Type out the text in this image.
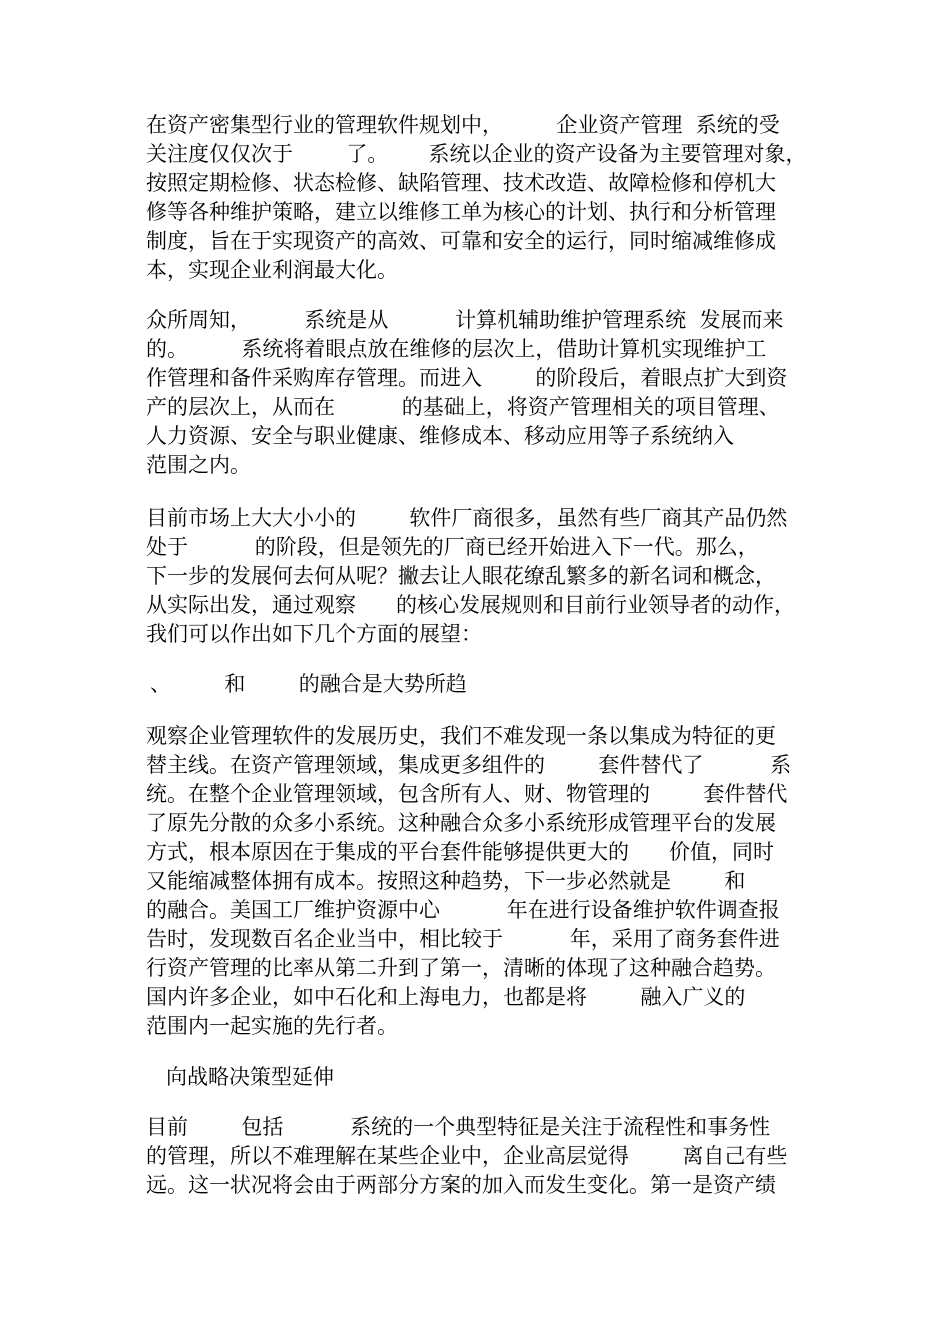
在资产密集型行业的管理软件规划中，        企业资产管理  系统的受
关注度仅仅次于        了。      系统以企业的资产设备为主要管理对象，
按照定期检修、状态检修、缺陷管理、技术改造、故障检修和停机大
修等各种维护策略，建立以维修工单为核心的计划、执行和分析管理
制度，旨在于实现资产的高效、可靠和安全的运行，同时缩减维修成
本，实现企业利润最大化。
众所周知，        系统是从          计算机辅助维护管理系统  发展而来
的。        系统将着眼点放在维修的层次上，借助计算机实现维护工
作管理和备件采购库存管理。而进入        的阶段后，着眼点扩大到资
产的层次上，从而在          的基础上，将资产管理相关的项目管理、
人力资源、安全与职业健康、维修成本、移动应用等子系统纳入
范围之内。
目前市场上大大小小的        软件厂商很多，虽然有些厂商其产品仍然
处于          的阶段，但是领先的厂商已经开始进入下一代。那么，
下一步的发展何去何从呢？撇去让人眼花缭乱繁多的新名词和概念，
从实际出发，通过观察      的核心发展规则和目前行业领导者的动作，
我们可以作出如下几个方面的展望：
、        和        的融合是大势所趋
观察企业管理软件的发展历史，我们不难发现一条以集成为特征的更
替主线。在资产管理领域，集成更多组件的        套件替代了          系
统。在整个企业管理领域，包含所有人、财、物管理的        套件替代
了原先分散的众多小系统。这种融合众多小系统形成管理平台的发展
方式，根本原因在于集成的平台套件能够提供更大的      价值，同时
又能缩减整体拥有成本。按照这种趋势，下一步必然就是        和
的融合。美国工厂维护资源中心          年在进行设备维护软件调查报
告时，发现数百名企业当中，相比较于          年，采用了商务套件进
行资产管理的比率从第二升到了第一，清晰的体现了这种融合趋势。
国内许多企业，如中石化和上海电力，也都是将        融入广义的
范围内一起实施的先行者。
向战略决策型延伸
目前        包括          系统的一个典型特征是关注于流程性和事务性
的管理，所以不难理解在某些企业中，企业高层觉得        离自己有些
远。这一状况将会由于两部分方案的加入而发生变化。第一是资产绩
